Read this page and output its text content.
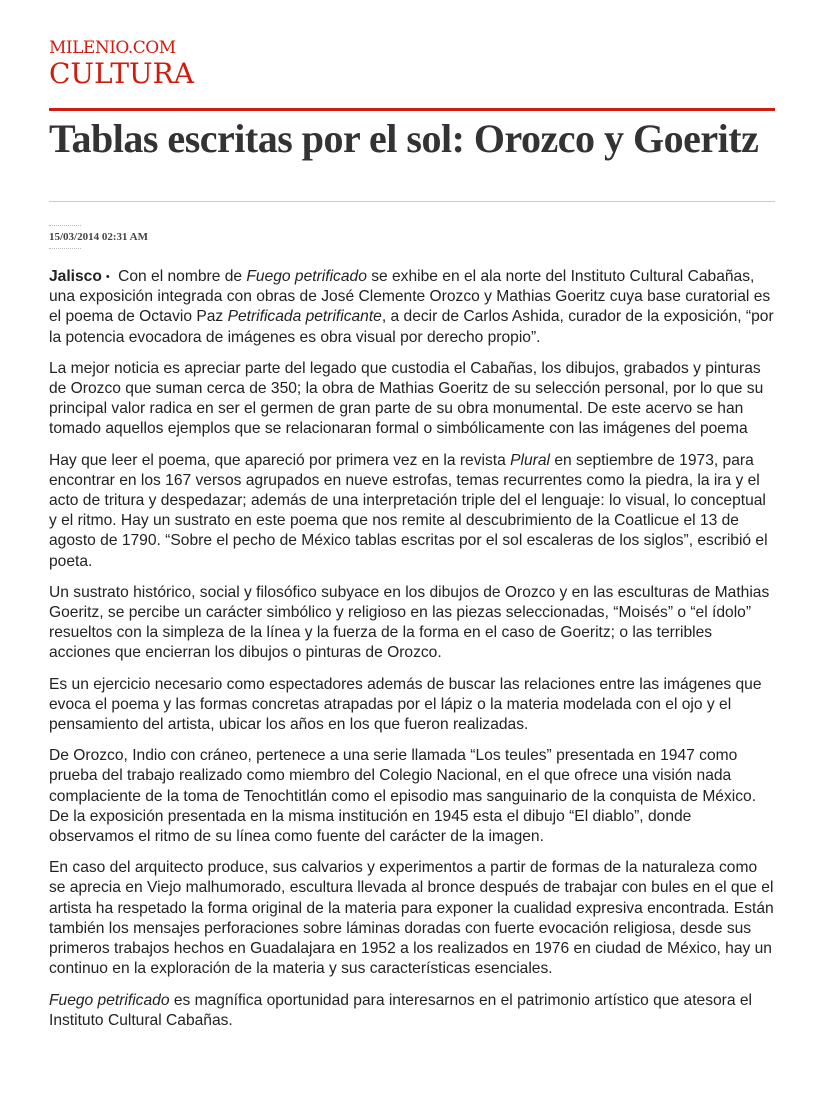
MILENIO.COM
CULTURA
Tablas escritas por el sol: Orozco y Goeritz
15/03/2014 02:31 AM

Jalisco • Con el nombre de Fuego petrificado se exhibe en el ala norte del Instituto Cultural Cabañas, una exposición integrada con obras de José Clemente Orozco y Mathias Goeritz cuya base curatorial es el poema de Octavio Paz Petrificada petrificante, a decir de Carlos Ashida, curador de la exposición, “por la potencia evocadora de imágenes es obra visual por derecho propio”.

La mejor noticia es apreciar parte del legado que custodia el Cabañas, los dibujos, grabados y pinturas de Orozco que suman cerca de 350; la obra de Mathias Goeritz de su selección personal, por lo que su principal valor radica en ser el germen de gran parte de su obra monumental. De este acervo se han tomado aquellos ejemplos que se relacionaran formal o simbólicamente con las imágenes del poema

Hay que leer el poema, que apareció por primera vez en la revista Plural en septiembre de 1973, para encontrar en los 167 versos agrupados en nueve estrofas, temas recurrentes como la piedra, la ira y el acto de tritura y despedazar; además de una interpretación triple del el lenguaje: lo visual, lo conceptual y el ritmo. Hay un sustrato en este poema que nos remite al descubrimiento de la Coatlicue el 13 de agosto de 1790. “Sobre el pecho de México tablas escritas por el sol escaleras de los siglos”, escribió el poeta.

Un sustrato histórico, social y filosófico subyace en los dibujos de Orozco y en las esculturas de Mathias Goeritz, se percibe un carácter simbólico y religioso en las piezas seleccionadas, “Moisés” o “el ídolo” resueltos con la simpleza de la línea y la fuerza de la forma en el caso de Goeritz; o las terribles acciones que encierran los dibujos o pinturas de Orozco.

Es un ejercicio necesario como espectadores además de buscar las relaciones entre las imágenes que evoca el poema y las formas concretas atrapadas por el lápiz o la materia modelada con el ojo y el pensamiento del artista, ubicar los años en los que fueron realizadas.

De Orozco, Indio con cráneo, pertenece a una serie llamada “Los teules” presentada en 1947 como prueba del trabajo realizado como miembro del Colegio Nacional, en el que ofrece una visión nada complaciente de la toma de Tenochtitlán como el episodio mas sanguinario de la conquista de México. De la exposición presentada en la misma institución en 1945 esta el dibujo “El diablo”, donde observamos el ritmo de su línea como fuente del carácter de la imagen.

En caso del arquitecto produce, sus calvarios y experimentos a partir de formas de la naturaleza como se aprecia en Viejo malhumorado, escultura llevada al bronce después de trabajar con bules en el que el artista ha respetado la forma original de la materia para exponer la cualidad expresiva encontrada. Están también los mensajes perforaciones sobre láminas doradas con fuerte evocación religiosa, desde sus primeros trabajos hechos en Guadalajara en 1952 a los realizados en 1976 en ciudad de México, hay un continuo en la exploración de la materia y sus características esenciales.

Fuego petrificado es magnífica oportunidad para interesarnos en el patrimonio artístico que atesora el Instituto Cultural Cabañas.
